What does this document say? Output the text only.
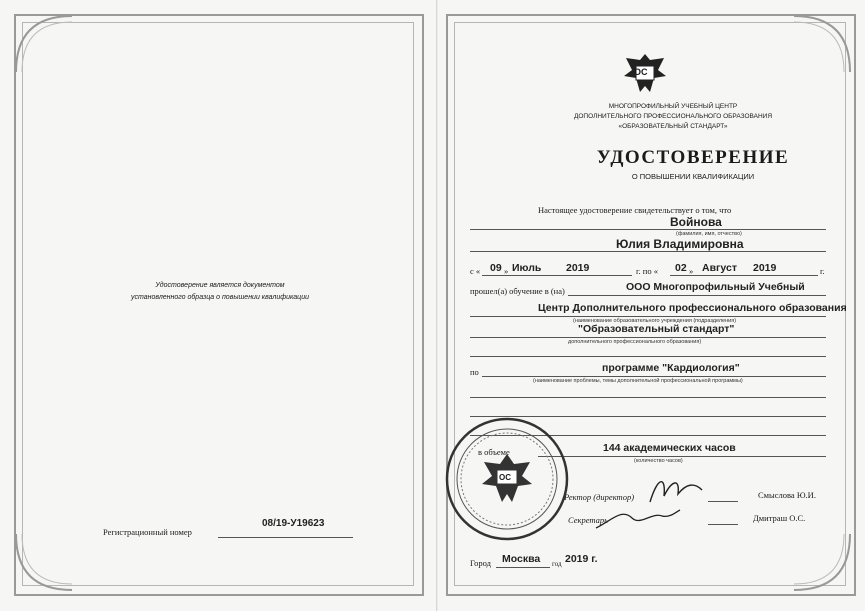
Удостоверение является документом
установленного образца о повышении квалификации
Регистрационный номер
08/19-У19623
ОС
МНОГОПРОФИЛЬНЫЙ УЧЕБНЫЙ ЦЕНТР
ДОПОЛНИТЕЛЬНОГО ПРОФЕССИОНАЛЬНОГО ОБРАЗОВАНИЯ
«ОБРАЗОВАТЕЛЬНЫЙ СТАНДАРТ»
УДОСТОВЕРЕНИЕ
О ПОВЫШЕНИИ КВАЛИФИКАЦИИ
Настоящее удостоверение свидетельствует о том, что
Войнова
(фамилия, имя, отчество)
Юлия Владимировна
с « 09 » Июль 2019	г. по « 02 » Август 2019	г.
прошел(а) обучение в (на)	ООО Многопрофильный Учебный
Центр Дополнительного профессионального образования
(наименование образовательного учреждения (подразделения)
"Образовательный стандарт"
дополнительного профессионального образования)
по	программе "Кардиология"
(наименование проблемы, темы дополнительной профессиональной программы)
в объеме	144 академических часов
(количество часов)
Ректор (директор)	Смыслова Ю.И.
Секретарь	Дмитраш О.С.
ОС
Город Москва год 2019 г.
